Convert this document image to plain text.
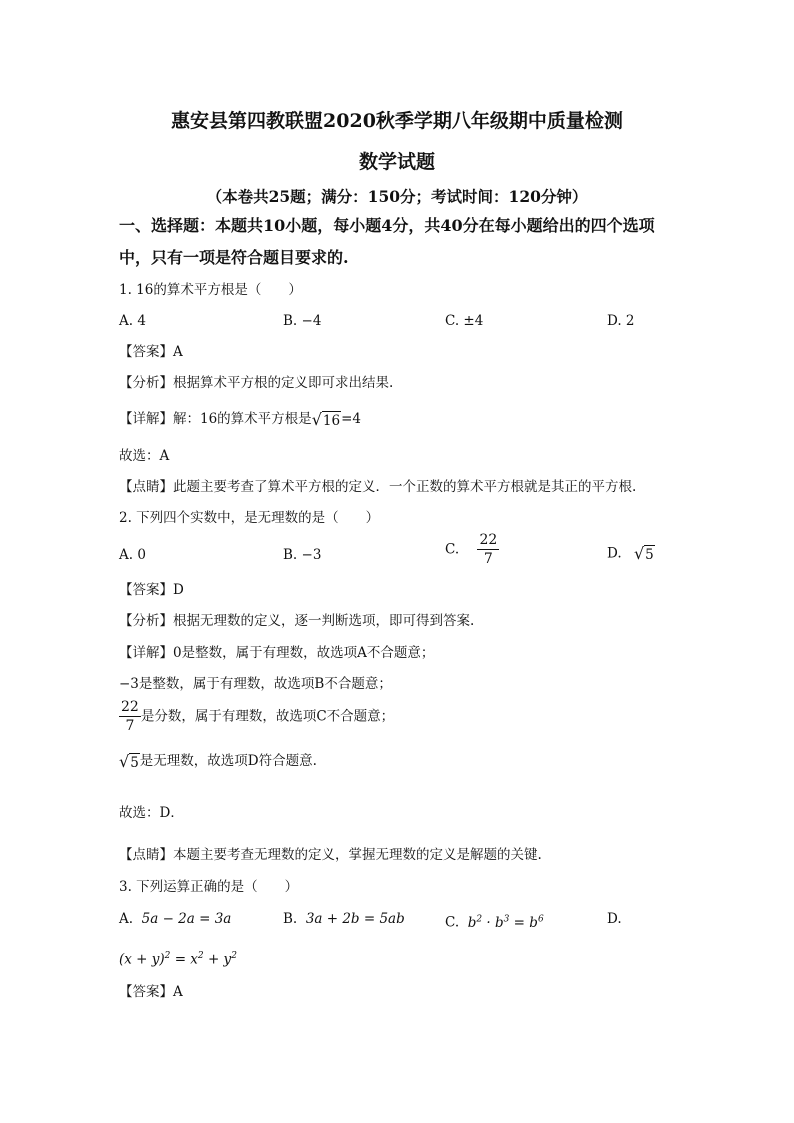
惠安县第四教联盟2020秋季学期八年级期中质量检测
数学试题
（本卷共25题；满分：150分；考试时间：120分钟）
一、选择题：本题共10小题，每小题4分，共40分在每小题给出的四个选项
中，只有一项是符合题目要求的.
1. 16的算术平方根是（　　）
A. 4	B. −4	C. ±4	D. 2
【答案】A
【分析】根据算术平方根的定义即可求出结果.
【详解】解：16的算术平方根是 √ 16 =4
故选：A
【点睛】此题主要考查了算术平方根的定义．一个正数的算术平方根就是其正的平方根.
2. 下列四个实数中，是无理数的是（　　）
A. 0	B. −3	C. $\frac{22}{7}$	D. √ 5
【答案】D
【分析】根据无理数的定义，逐一判断选项，即可得到答案.
【详解】0是整数，属于有理数，故选项A不合题意；
−3是整数，属于有理数，故选项B不合题意；
$\frac{22}{7}$ 是分数，属于有理数，故选项C不合题意；
√ 5 是无理数，故选项D符合题意.
故选：D．
【点睛】本题主要考查无理数的定义，掌握无理数的定义是解题的关键.
3. 下列运算正确的是（　　）
A. 5a − 2a = 3a	B. 3a + 2b = 5ab	C. $b^2 \cdot b^3 = b^6$	D.
$(x + y)^2 = x^2 + y^2$
【答案】A
